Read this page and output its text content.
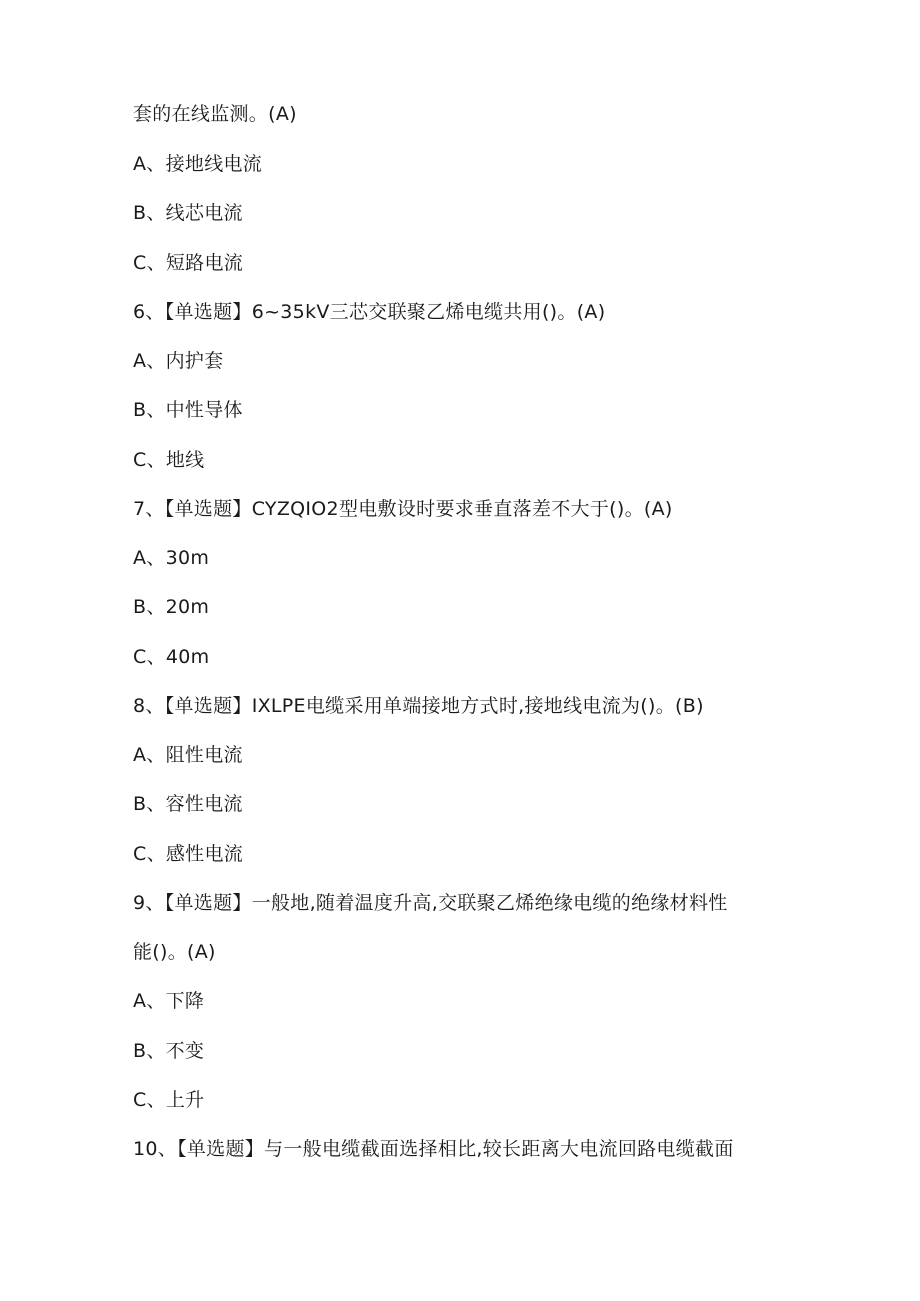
套的在线监测。(A)
A、接地线电流
B、线芯电流
C、短路电流
6、【单选题】6~35kV三芯交联聚乙烯电缆共用()。(A)
A、内护套
B、中性导体
C、地线
7、【单选题】CYZQIO2型电敷设时要求垂直落差不大于()。(A)
A、30m
B、20m
C、40m
8、【单选题】IXLPE电缆采用单端接地方式时,接地线电流为()。(B)
A、阻性电流
B、容性电流
C、感性电流
9、【单选题】一般地,随着温度升高,交联聚乙烯绝缘电缆的绝缘材料性
能()。(A)
A、下降
B、不变
C、上升
10、【单选题】与一般电缆截面选择相比,较长距离大电流回路电缆截面
